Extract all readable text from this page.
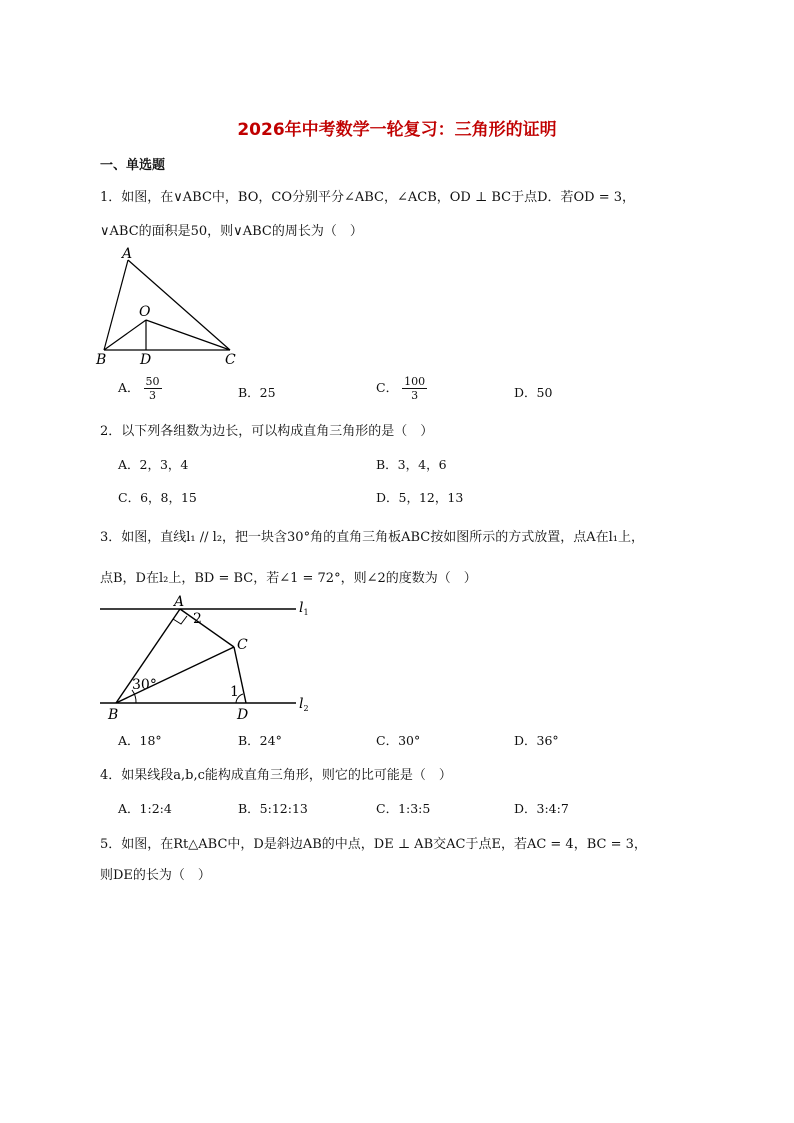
2026年中考数学一轮复习：三角形的证明
一、单选题
1．如图，在∨ABC中，BO，CO分别平分∠ABC，∠ACB，OD ⊥ BC于点D．若OD = 3，
∨ABC的面积是50，则∨ABC的周长为（　）
A
O
B D	C
A． $\frac{50}{3}$	B．25	C． $\frac{100}{3}$	D．50
2．以下列各组数为边长，可以构成直角三角形的是（　）
A．2，3，4	B．3，4，6
C．6，8，15	D．5，12，13
3．如图，直线l₁ // l₂，把一块含30°角的直角三角板ABC按如图所示的方式放置，点A在l₁上，
点B，D在l₂上，BD = BC，若∠1 = 72°，则∠2的度数为（　）
A
2
C
30°	1
B	D
$l_1$
$l_2$
A．18°	B．24°	C．30°	D．36°
4．如果线段a,b,c能构成直角三角形，则它的比可能是（　）
A．1:2:4	B．5:12:13	C．1:3:5	D．3:4:7
5．如图，在Rt△ABC中，D是斜边AB的中点，DE ⊥ AB交AC于点E，若AC = 4，BC = 3，
则DE的长为（　）
